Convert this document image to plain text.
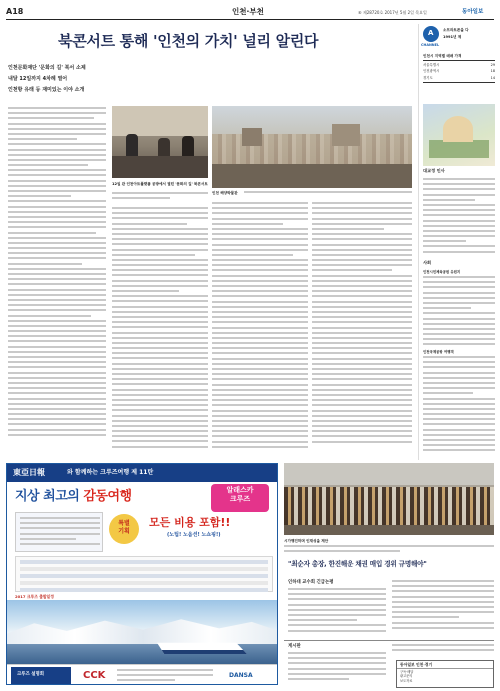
A18	인천·부천	⑥ 제28720호 2017년 5월 2일 목요일	동아일보
북콘서트 통해 '인천의 가치' 널리 알린다
인천문화재단 '문화의 길' 북서 소제
내달 12일까지 4차례 열어
인천항 유래 등 재미있는 이야 소개
12일 관 인천아트플랫폼 공방에서 열린 '문화의 길' 북콘서트
인천 해양박물관
A
CHANNEL
소프라트폰을 다
1991년 제
인천시 지역별 매매 가격
서울특별시	29
인천광역시	18
경기도	14
대교정 인사
사회
인천시민체육공원 유원지
인천국제공항 여행객
東亞日報	와 함께하는 크루즈여행 제 11탄
지상 최고의 감동여행	알래스카
크루즈
특별
기획
모든 비용 포함!!
(노팁! 노옵션! 노쇼핑!)
2017 크루즈 출발일정
크루즈 설명회	CCK	DANSA
시가행진하며 인재성을 제안
"최순자 총장, 한진해운 채권 매입 경위 규명해야"
인하대 교수회 긴급논평
게시판
동아일보 인천·경기
구독·배달
광고문의
보도자료
